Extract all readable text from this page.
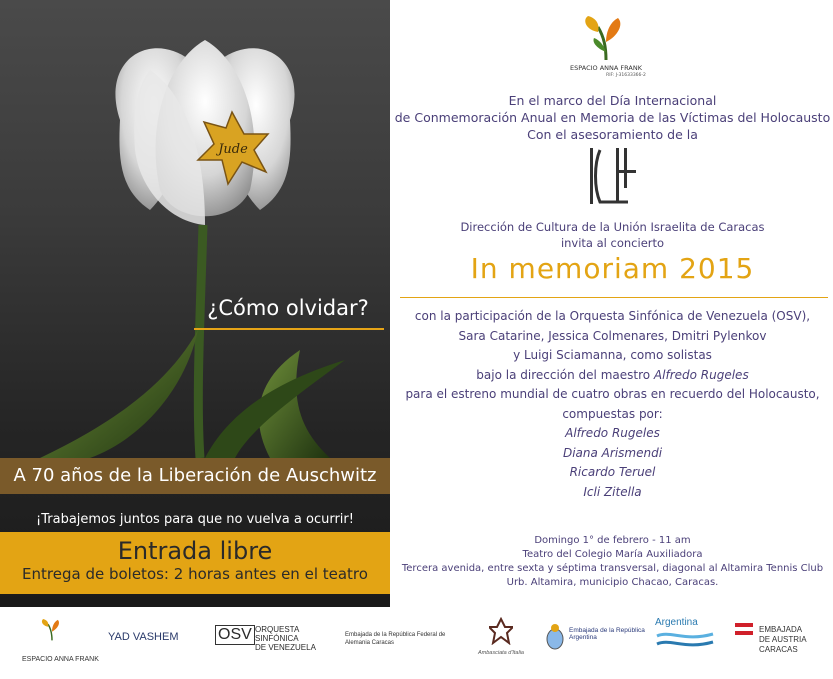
Jude
¿Cómo olvidar?
A 70 años de la Liberación de Auschwitz
¡Trabajemos juntos para que no vuelva a ocurrir!
Entrada libre
Entrega de boletos: 2 horas antes en el teatro
ESPACIO ANNA FRANK
RIF: J-31633366-2
En el marco del Día Internacional
de Conmemoración Anual en Memoria de las Víctimas del Holocausto
Con el asesoramiento de la
Dirección de Cultura de la Unión Israelita de Caracas
invita al concierto
In memoriam 2015
con la participación de la Orquesta Sinfónica de Venezuela (OSV),
Sara Catarine, Jessica Colmenares, Dmitri Pylenkov
y Luigi Sciamanna, como solistas
bajo la dirección del maestro Alfredo Rugeles
para el estreno mundial de cuatro obras en recuerdo del Holocausto,
compuestas por:
Alfredo Rugeles
Diana Arismendi
Ricardo Teruel
Icli Zitella
Domingo 1° de febrero - 11 am
Teatro del Colegio María Auxiliadora
Tercera avenida, entre sexta y séptima transversal, diagonal al Altamira Tennis Club
Urb. Altamira, municipio Chacao, Caracas.
ESPACIO ANNA FRANK
YAD VASHEM	OSV ORQUESTA
SINFÓNICA
DE VENEZUELA
Embajada de la República Federal de Alemania Caracas
Ambasciata d'Italia
Embajada de la República Argentina
Argentina
EMBAJADA
DE AUSTRIA
CARACAS
